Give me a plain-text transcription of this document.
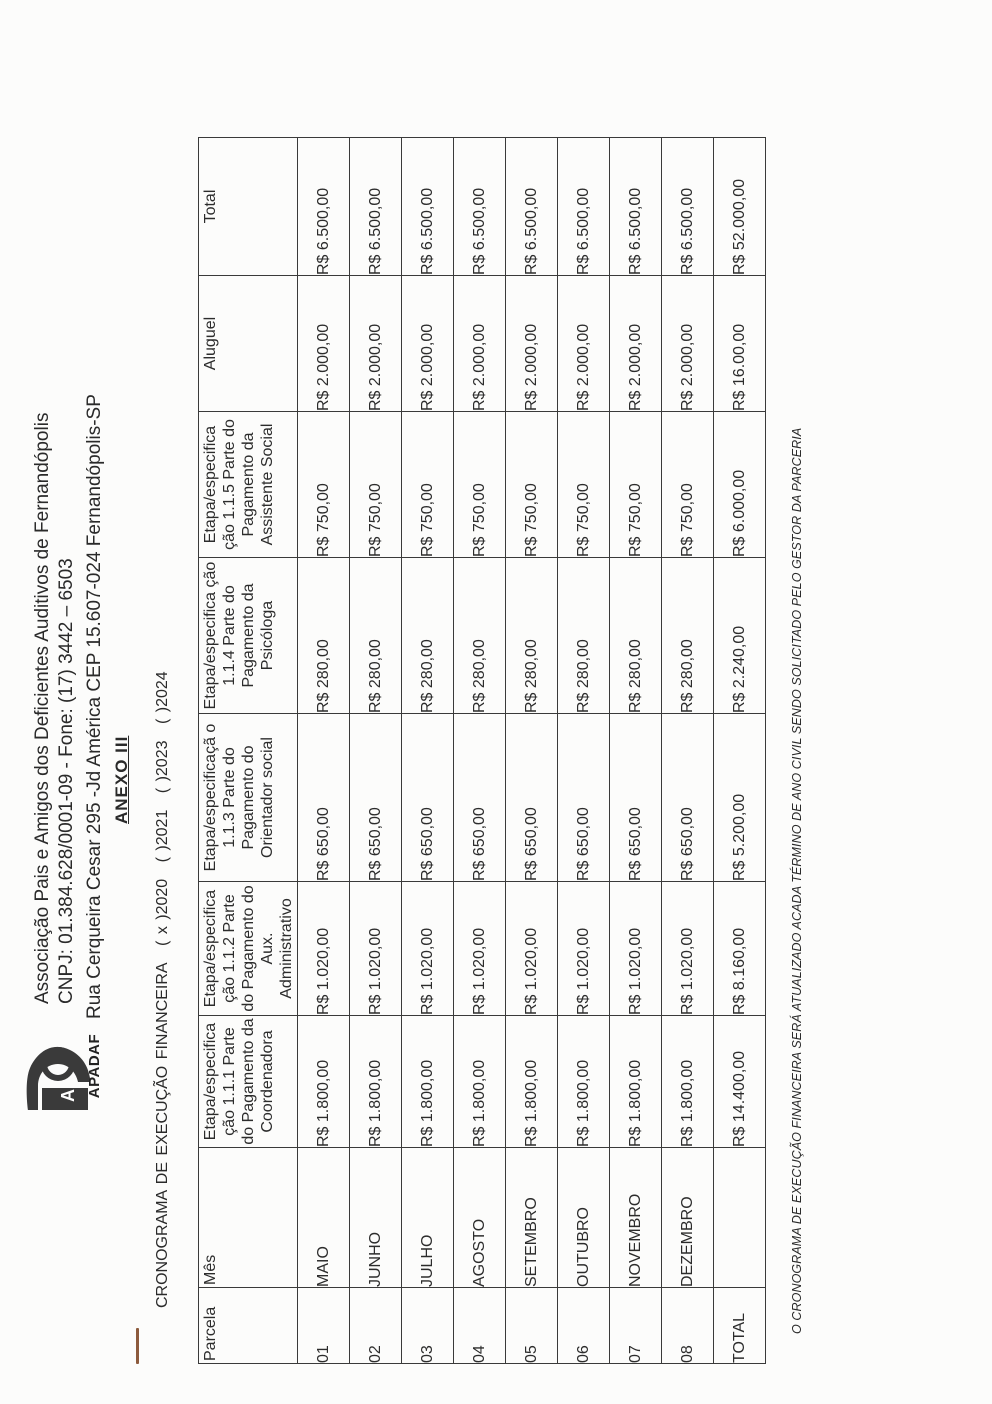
A APADAF
Associação Pais e Amigos dos Deficientes Auditivos de Fernandópolis CNPJ: 01.384.628/0001-09 - Fone: (17) 3442 – 6503 Rua Cerqueira Cesar 295 -Jd América CEP 15.607-024 Fernandópolis-SP ANEXO III
CRONOGRAMA DE EXECUÇÃO FINANCEIRA ( x )2020 ( )2021 ( )2023 ( )2024
Parcela	Mês	Etapa/especifica ção 1.1.1 Parte do Pagamento da Coordenadora	Etapa/especifica ção 1.1.2 Parte do Pagamento do Aux. Administrativo	Etapa/especificaçã o 1.1.3 Parte do Pagamento do Orientador social	Etapa/especifica ção 1.1.4 Parte do Pagamento da Psicóloga	Etapa/especifica ção 1.1.5 Parte do Pagamento da Assistente Social	Aluguel	Total
01	MAIO	R$ 1.800,00	R$ 1.020,00	R$ 650,00	R$ 280,00	R$ 750,00	R$ 2.000,00	R$ 6.500,00
02	JUNHO	R$ 1.800,00	R$ 1.020,00	R$ 650,00	R$ 280,00	R$ 750,00	R$ 2.000,00	R$ 6.500,00
03	JULHO	R$ 1.800,00	R$ 1.020,00	R$ 650,00	R$ 280,00	R$ 750,00	R$ 2.000,00	R$ 6.500,00
04	AGOSTO	R$ 1.800,00	R$ 1.020,00	R$ 650,00	R$ 280,00	R$ 750,00	R$ 2.000,00	R$ 6.500,00
05	SETEMBRO	R$ 1.800,00	R$ 1.020,00	R$ 650,00	R$ 280,00	R$ 750,00	R$ 2.000,00	R$ 6.500,00
06	OUTUBRO	R$ 1.800,00	R$ 1.020,00	R$ 650,00	R$ 280,00	R$ 750,00	R$ 2.000,00	R$ 6.500,00
07	NOVEMBRO	R$ 1.800,00	R$ 1.020,00	R$ 650,00	R$ 280,00	R$ 750,00	R$ 2.000,00	R$ 6.500,00
08	DEZEMBRO	R$ 1.800,00	R$ 1.020,00	R$ 650,00	R$ 280,00	R$ 750,00	R$ 2.000,00	R$ 6.500,00
TOTAL		R$ 14.400,00	R$ 8.160,00	R$ 5.200,00	R$ 2.240,00	R$ 6.000,00	R$ 16.00,00	R$ 52.000,00
O CRONOGRAMA DE EXECUÇÃO FINANCEIRA SERÁ ATUALIZADO ACADA TÉRMINO DE ANO CIVIL SENDO SOLICITADO PELO GESTOR DA PARCERIA
